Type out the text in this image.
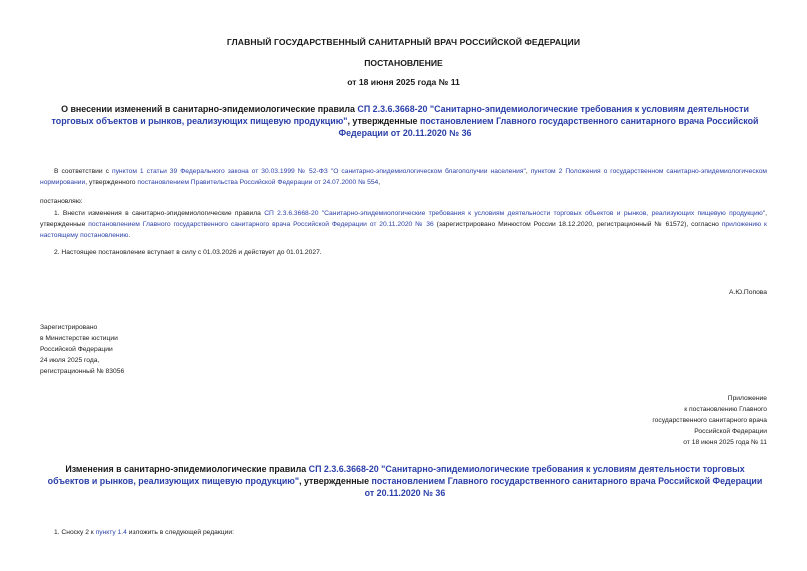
ГЛАВНЫЙ ГОСУДАРСТВЕННЫЙ САНИТАРНЫЙ ВРАЧ РОССИЙСКОЙ ФЕДЕРАЦИИ
ПОСТАНОВЛЕНИЕ
от 18 июня 2025 года № 11
О внесении изменений в санитарно-эпидемиологические правила СП 2.3.6.3668-20 "Санитарно-эпидемиологические требования к условиям деятельности торговых объектов и рынков, реализующих пищевую продукцию", утвержденные постановлением Главного государственного санитарного врача Российской Федерации от 20.11.2020 № 36
В соответствии с пунктом 1 статьи 39 Федерального закона от 30.03.1999 № 52-ФЗ "О санитарно-эпидемиологическом благополучии населения", пунктом 2 Положения о государственном санитарно-эпидемиологическом нормировании, утвержденного постановлением Правительства Российской Федерации от 24.07.2000 № 554,
постановляю:
1. Внести изменения в санитарно-эпидемиологические правила СП 2.3.6.3668-20 "Санитарно-эпидемиологические требования к условиям деятельности торговых объектов и рынков, реализующих пищевую продукцию", утвержденные постановлением Главного государственного санитарного врача Российской Федерации от 20.11.2020 № 36 (зарегистрировано Минюстом России 18.12.2020, регистрационный № 61572), согласно приложению к настоящему постановлению.
2. Настоящее постановление вступает в силу с 01.03.2026 и действует до 01.01.2027.
А.Ю.Попова
Зарегистрировано
в Министерстве юстиции
Российской Федерации
24 июля 2025 года,
регистрационный № 83056
Приложение
к постановлению Главного
государственного санитарного врача
Российской Федерации
от 18 июня 2025 года № 11
Изменения в санитарно-эпидемиологические правила СП 2.3.6.3668-20 "Санитарно-эпидемиологические требования к условиям деятельности торговых объектов и рынков, реализующих пищевую продукцию", утвержденные постановлением Главного государственного санитарного врача Российской Федерации от 20.11.2020 № 36
1. Сноску 2 к пункту 1.4 изложить в следующей редакции:
